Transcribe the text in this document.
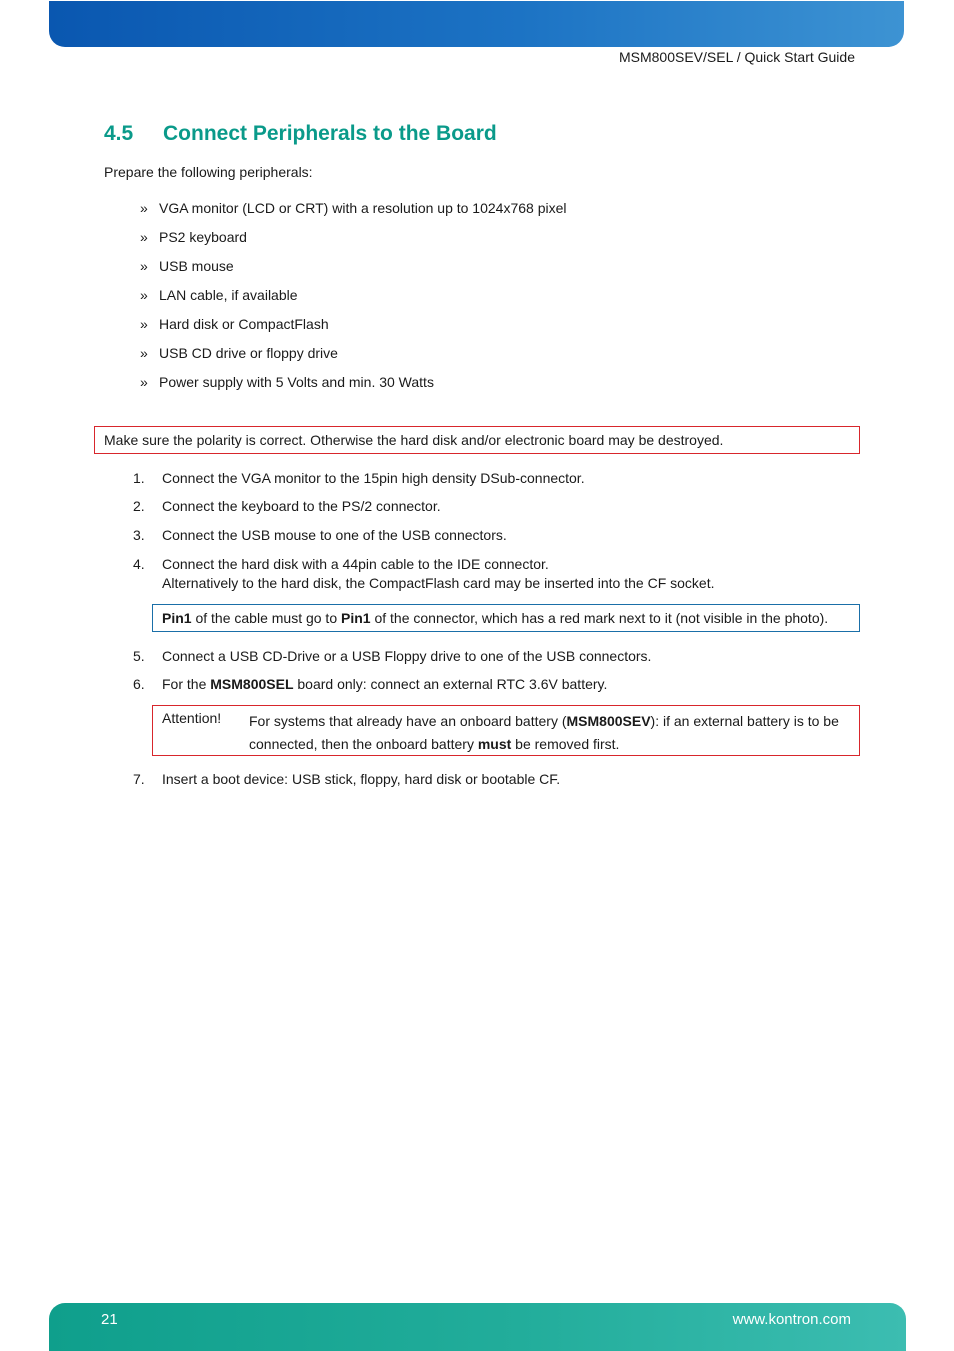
MSM800SEV/SEL / Quick Start Guide
4.5 Connect Peripherals to the Board
Prepare the following peripherals:
» VGA monitor (LCD or CRT) with a resolution up to 1024x768 pixel
» PS2 keyboard
» USB mouse
» LAN cable, if available
» Hard disk or CompactFlash
» USB CD drive or floppy drive
» Power supply with 5 Volts and min. 30 Watts
Make sure the polarity is correct. Otherwise the hard disk and/or electronic board may be destroyed.
1. Connect the VGA monitor to the 15pin high density DSub-connector.
2. Connect the keyboard to the PS/2 connector.
3. Connect the USB mouse to one of the USB connectors.
4. Connect the hard disk with a 44pin cable to the IDE connector.
Alternatively to the hard disk, the CompactFlash card may be inserted into the CF socket.
Pin1 of the cable must go to Pin1 of the connector, which has a red mark next to it (not visible in the photo).
5. Connect a USB CD-Drive or a USB Floppy drive to one of the USB connectors.
6. For the MSM800SEL board only: connect an external RTC 3.6V battery.
Attention! For systems that already have an onboard battery (MSM800SEV): if an external battery is to be connected, then the onboard battery must be removed first.
7. Insert a boot device: USB stick, floppy, hard disk or bootable CF.
21	www.kontron.com
